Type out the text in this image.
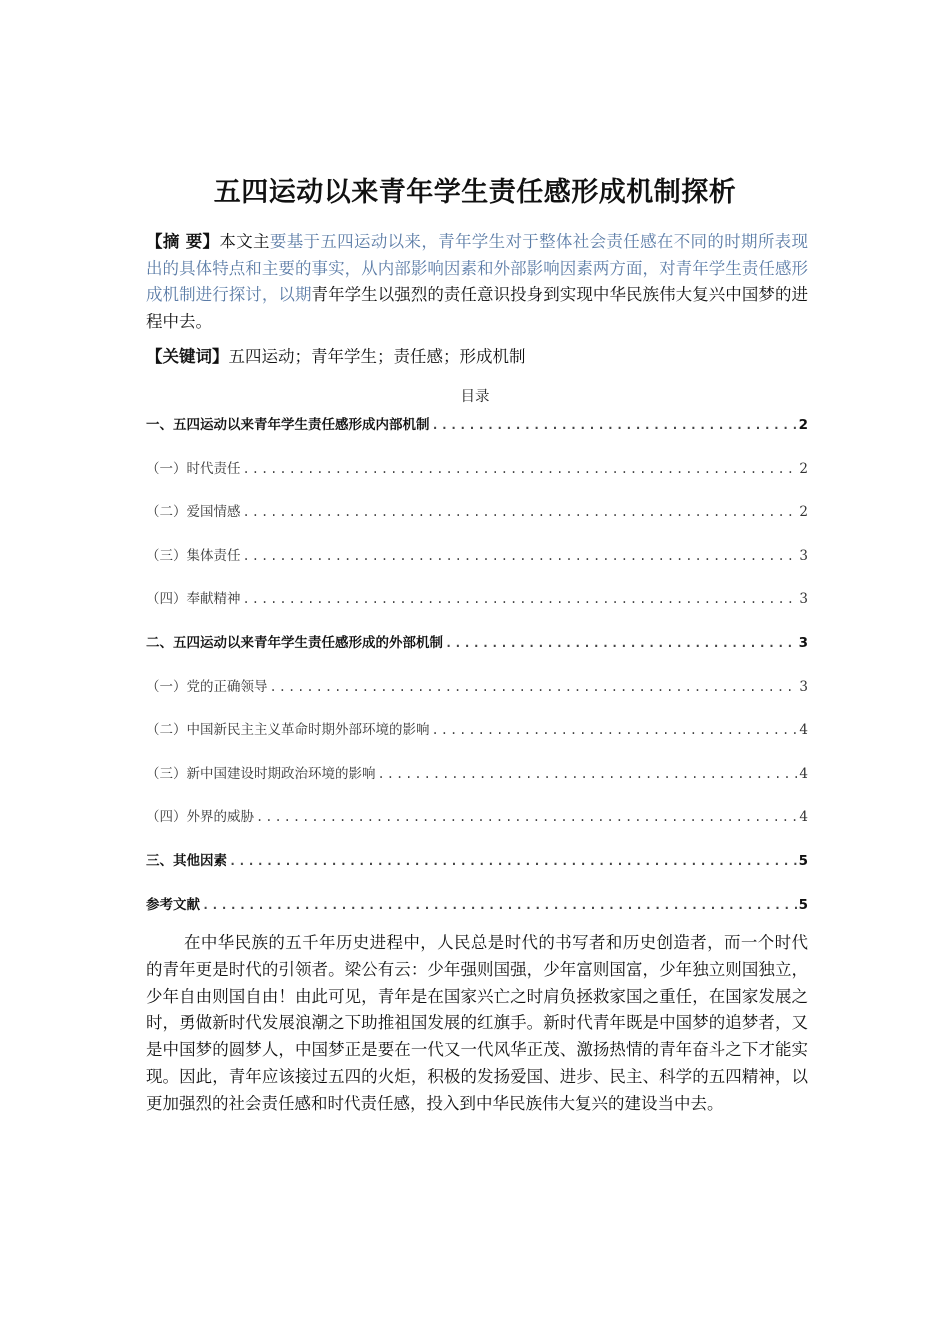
五四运动以来青年学生责任感形成机制探析
【摘 要】本文主要基于五四运动以来，青年学生对于整体社会责任感在不同的时期所表现出的具体特点和主要的事实，从内部影响因素和外部影响因素两方面，对青年学生责任感形成机制进行探讨，以期青年学生以强烈的责任意识投身到实现中华民族伟大复兴中国梦的进程中去。
【关键词】五四运动；青年学生；责任感；形成机制
目录
一、五四运动以来青年学生责任感形成内部机制 .....	2
（一）时代责任 .....	2
（二）爱国情感 .....	2
（三）集体责任 .....	3
（四）奉献精神 .....	3
二、五四运动以来青年学生责任感形成的外部机制 .....	3
（一）党的正确领导 .....	3
（二）中国新民主主义革命时期外部环境的影响 .....	4
（三）新中国建设时期政治环境的影响 .....	4
（四）外界的威胁 .....	4
三、其他因素 .....	5
参考文献 .....	5
在中华民族的五千年历史进程中，人民总是时代的书写者和历史创造者，而一个时代的青年更是时代的引领者。梁公有云：少年强则国强，少年富则国富，少年独立则国独立，少年自由则国自由！由此可见，青年是在国家兴亡之时肩负拯救家国之重任，在国家发展之时，勇做新时代发展浪潮之下助推祖国发展的红旗手。新时代青年既是中国梦的追梦者，又是中国梦的圆梦人，中国梦正是要在一代又一代风华正茂、激扬热情的青年奋斗之下才能实现。因此，青年应该接过五四的火炬，积极的发扬爱国、进步、民主、科学的五四精神，以更加强烈的社会责任感和时代责任感，投入到中华民族伟大复兴的建设当中去。
